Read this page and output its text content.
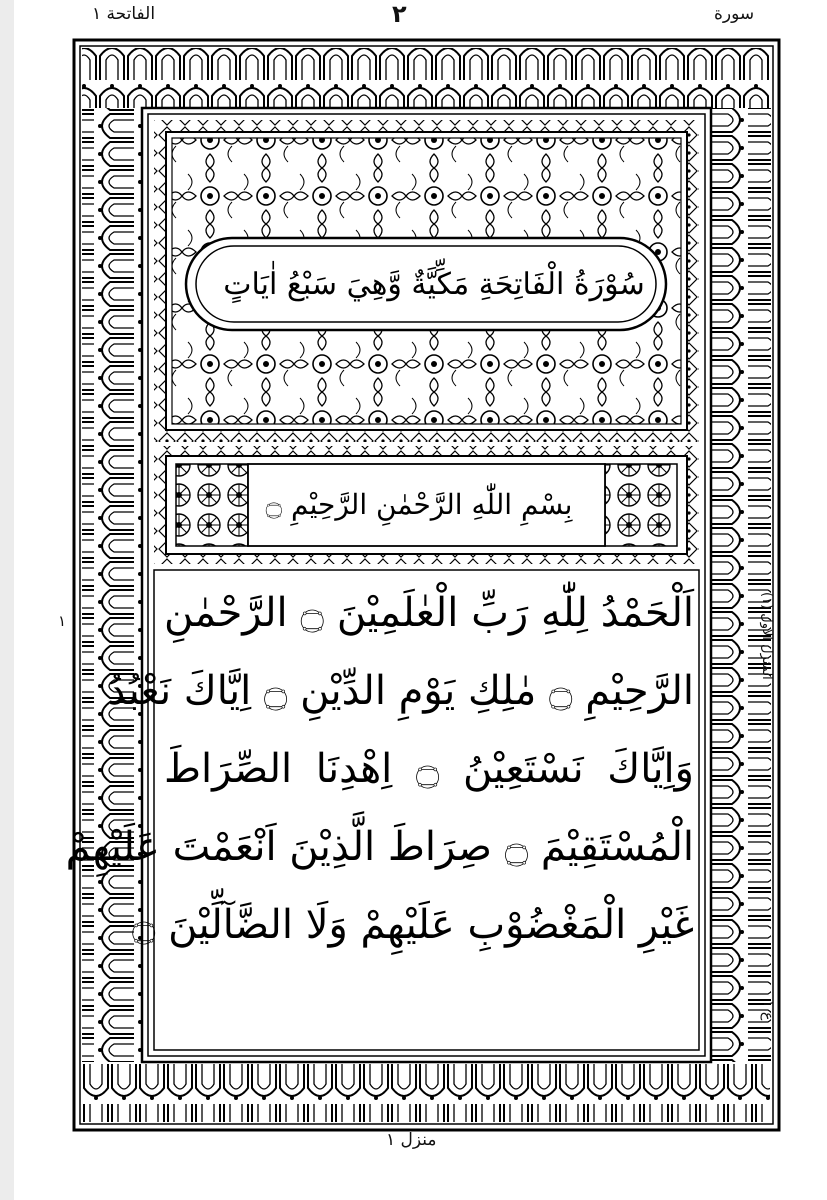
الفاتحة ١	٢	سورة
سُوْرَةُ الْفَاتِحَةِ مَكِّيَّةٌ وَّهِيَ سَبْعُ اٰيَاتٍ
بِسْمِ اللّٰهِ الرَّحْمٰنِ الرَّحِيْمِ ۝
اَلْحَمْدُ لِلّٰهِ رَبِّ الْعٰلَمِيْنَ ۝ الرَّحْمٰنِ
الرَّحِيْمِ ۝ مٰلِكِ يَوْمِ الدِّيْنِ ۝ اِيَّاكَ نَعْبُدُ
وَاِيَّاكَ نَسْتَعِيْنُ ۝ اِهْدِنَا الصِّرَاطَ
الْمُسْتَقِيْمَ ۝ صِرَاطَ الَّذِيْنَ اَنْعَمْتَ عَلَيْهِمْ
غَيْرِ الْمَغْضُوْبِ عَلَيْهِمْ وَلَا الضَّآلِّيْنَ ۝
المنزل الاول (١)
ع ١
١
منزل ١
